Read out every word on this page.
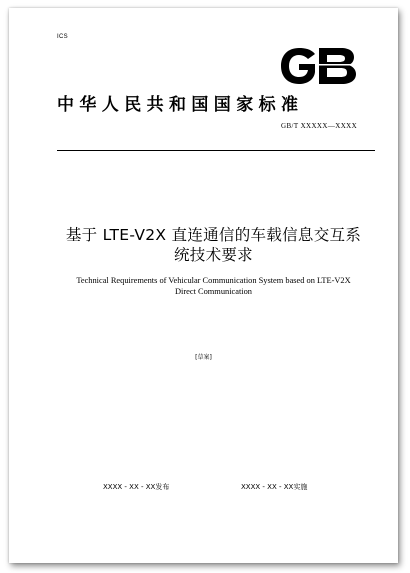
ICS
中华人民共和国国家标准
GB/T XXXXX—XXXX
基于 LTE-V2X 直连通信的车载信息交互系
统技术要求
Technical Requirements of Vehicular Communication System based on LTE-V2X
Direct Communication
[草案]
XXXX - XX - XX发布	XXXX - XX - XX实施
